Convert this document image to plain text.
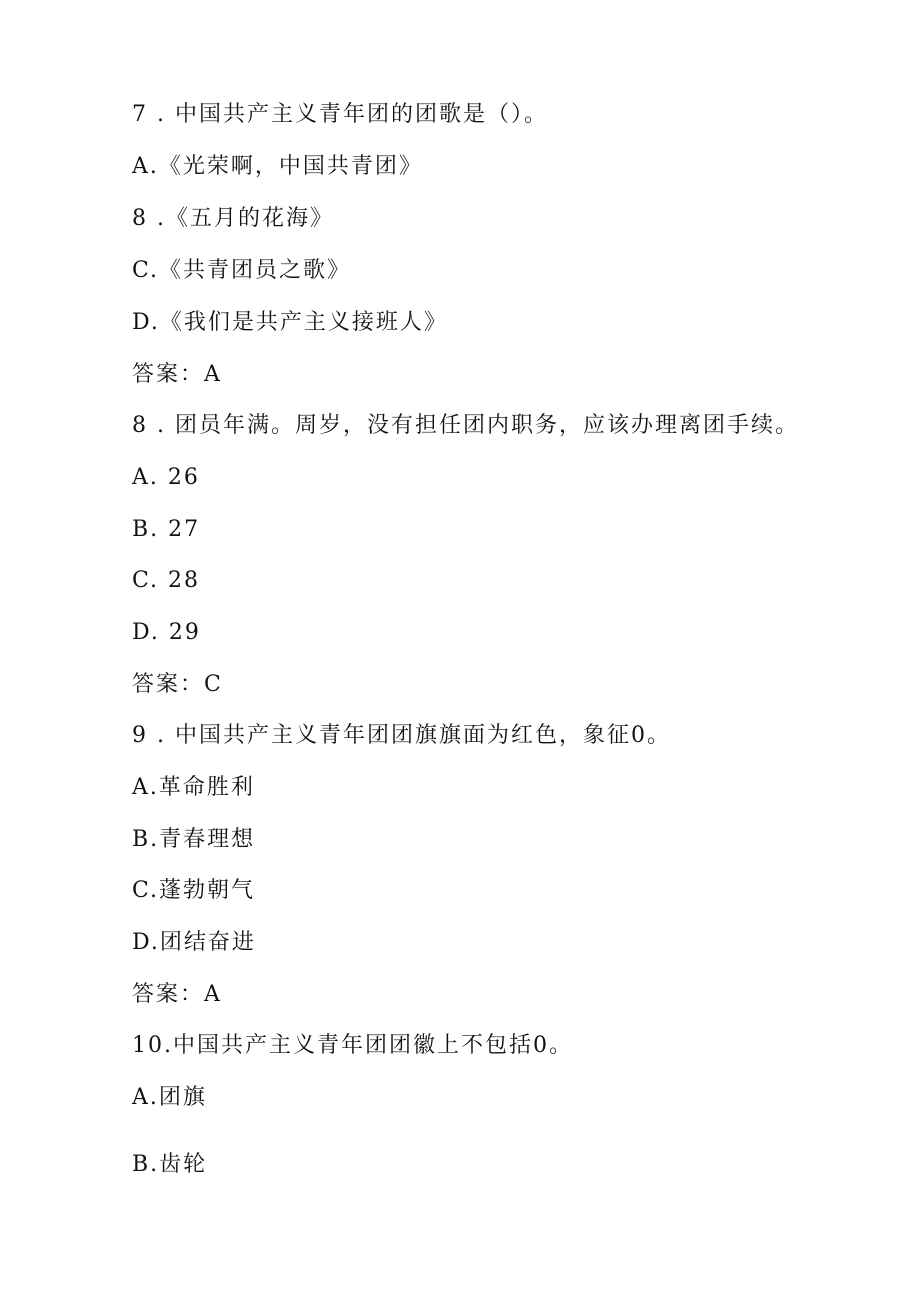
7 . 中国共产主义青年团的团歌是（）。

A.《光荣啊，中国共青团》

8 .《五月的花海》

C.《共青团员之歌》

D.《我们是共产主义接班人》

答案：A

8 . 团员年满。周岁，没有担任团内职务，应该办理离团手续。

A. 26

B. 27

C. 28

D. 29

答案：C

9 . 中国共产主义青年团团旗旗面为红色，象征0。

A.革命胜利

B.青春理想

C.蓬勃朝气

D.团结奋进

答案：A

10.中国共产主义青年团团徽上不包括0。

A.团旗

B.齿轮
